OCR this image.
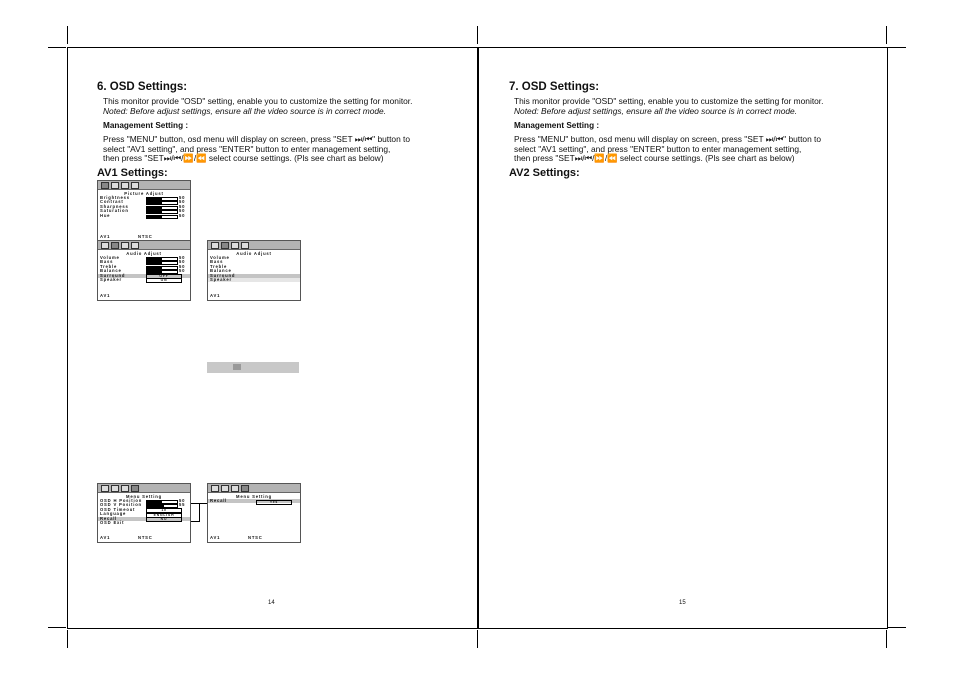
6. OSD Settings:
This monitor provide "OSD" setting, enable you to customize the setting for monitor.
Noted: Before adjust settings, ensure all the video source is in correct mode.
Management Setting :
Press "MENU" button, osd menu will display on screen, press "SET ⏭/⏮" button to
select "AV1 setting", and press "ENTER" button to enter management setting,
then press "SET⏭/⏮/⏩/⏪ select course settings. (Pls see chart as below)
AV1 Settings:
Picture Adjust
Brightness	50
Contrast	50
Sharpness	50
Saturation	50
Hue	50
AV1	NTSC
Audio Adjust
Volume	50
Bass	50
Treble	50
Balance	50
Surround	OFF
Speaker	ON
AV1
Audio Adjust
Volume
Bass
Treble
Balance
Surround
Speaker
AV1
Menu Setting
OSD H Position	50
OSD V Position	55
OSD Timeout	10
Language	ENGLISH
Recall	NO
OSD Exit
AV1	NTSC
Menu Setting
Recall	Yes
AV1	NTSC
14
7. OSD Settings:
This monitor provide "OSD" setting, enable you to customize the setting for monitor.
Noted: Before adjust settings, ensure all the video source is in correct mode.
Management Setting :
Press "MENU" button, osd menu will display on screen, press "SET ⏭/⏮" button to
select "AV1 setting", and press "ENTER" button to enter management setting,
then press "SET⏭/⏮/⏩/⏪ select course settings. (Pls see chart as below)
AV2 Settings:
15
